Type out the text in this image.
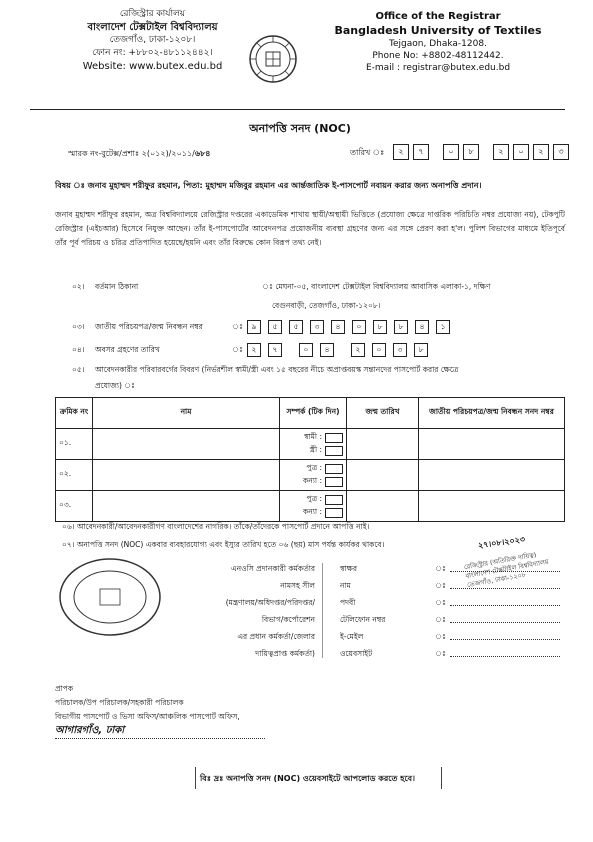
রেজিস্ট্রার কার্যালয়
বাংলাদেশ টেক্সটাইল বিশ্ববিদ্যালয়
তেজগাঁও, ঢাকা-১২০৮।
ফোন নং: +৮৮০২-৪৮১১২৪৪২।
Website: www.butex.edu.bd
Office of the Registrar
Bangladesh University of Textiles
Tejgaon, Dhaka-1208.
Phone No: +8802-48112442.
E-mail : registrar@butex.edu.bd
অনাপত্তি সনদ (NOC)
স্মারক নং-বুটেক্স/প্রশাঃ ২(০১২)/২০১১/৬৮৪	তারিখ ঃ	২	৭	০	৮	২	০	২	৩
বিষয় ঃ জনাব মুহাম্মদ শরীফুর রহমান, পিতা: মুহাম্মদ মজিবুর রহমান এর আর্ন্তজাতিক ই-পাসপোর্ট নবায়ন করার জন্য অনাপত্তি প্রদান।
জনাব মুহাম্মদ শরীফুর রহমান, অত্র বিশ্ববিদ্যালয়ে রেজিস্ট্রার দপ্তরের একাডেমিক শাখায় স্থায়ী/অস্থায়ী ভিত্তিতে (প্রযোজ্য ক্ষেত্রে দাপ্তরিক পরিচিতি নম্বর প্রযোজ্য নয়), টেকপুটি রেজিস্ট্রার (এইচআর) হিসেবে নিযুক্ত আছেন। তাঁর ই-পাসপোর্টের আবেদনপত্র প্রয়োজনীয় ব্যবস্থা গ্রহণের জন্য এর সঙ্গে প্রেরণ করা হ'ল। পুলিশ বিভাগের মাধ্যমে ইতিপূর্বে তাঁর পূর্ব পরিচয় ও চরিত্র প্রতিপাদিত হয়েছে/হয়নি এবং তাঁর বিরুদ্ধে কোন বিরূপ তথ্য নেই।
০২। বর্তমান ঠিকানা	ঃ মেঘনা-০৫, বাংলাদেশ টেক্সটাইল বিশ্ববিদ্যালয় আবাসিক এলাকা-১, দক্ষিণ
বেগুনবাড়ী, তেজগাঁও, ঢাকা-১২০৮।
০৩। জাতীয় পরিচয়পত্র/জন্ম নিবন্ধন নম্বর	ঃ	৯	৫	৫	৩	৪	০	৮	৮	৪	১
০৪। অবসর গ্রহণের তারিখ	ঃ	২	৭	০	৪	২	০	৩	৮
০৫। আবেদনকারীর পরিবারবর্গের বিবরণ (নির্ভরশীল স্বামী/স্ত্রী এবং ১৫ বছরের নীচে অপ্রাপ্তবয়স্ক সন্তানদের পাসপোর্ট করার ক্ষেত্রে
প্রযোজ্য) ঃ
ক্রমিক নং	নাম	সম্পর্ক (টিক দিন)	জন্ম তারিখ	জাতীয় পরিচয়পত্র/জন্ম নিবন্ধন সনদ নম্বর
০১.		স্বামী :
স্ত্রী :		

০২.		পুত্র :
কন্যা :		

০৩.		পুত্র :
কন্যা :		

০৬। আবেদনকারী/আবেদনকারীগণ বাংলাদেশের নাগরিক। তাঁকে/তাঁদেরকে পাসপোর্ট প্রদানে আপত্তি নাই।
০৭। অনাপত্তি সনদ (NOC) একবার ব্যবহারযোগ্য এবং ইস্যুর তারিখ হতে ০৬ (ছয়) মাস পর্যন্ত কার্যকর থাকবে।
এনওসি প্রদানকারী কর্মকর্তার
নামসহ সীল
(মন্ত্রণালয়/অধিদপ্তর/পরিদপ্তর/
বিভাগ/কর্পোরেশন
এর প্রধান কর্মকর্তা/জেলার
দায়িত্বপ্রাপ্ত কর্মকর্তা)
স্বাক্ষর	ঃ
নাম	ঃ
পদবী	ঃ
টেলিফোন নম্বর	ঃ
ই-মেইল	ঃ
ওয়েবসাইট	ঃ
২৭।০৮।২০২৩
রেজিস্ট্রার (অতিরিক্ত দায়িত্ব) বাংলাদেশ টেক্সটাইল বিশ্ববিদ্যালয় তেজগাঁও, ঢাকা-১২০৮
প্রাপক
পরিচালক/উপ পরিচালক/সহকারী পরিচালক
বিভাগীয় পাসপোর্ট ও ভিসা অফিস/আঞ্চলিক পাসপোর্ট অফিস,
আগারগাঁও, ঢাকা
বিঃ দ্রঃ অনাপত্তি সনদ (NOC) ওয়েবসাইটে আপলোড করতে হবে।
